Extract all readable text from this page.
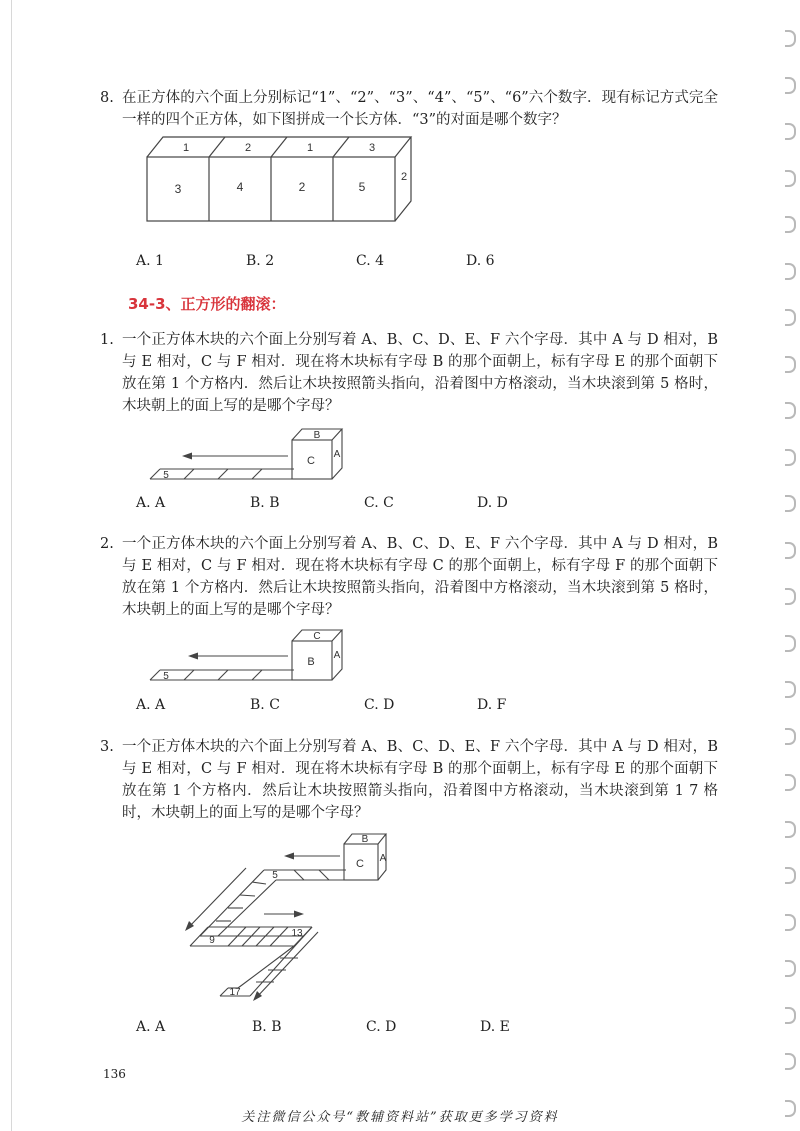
8. 在正方体的六个面上分别标记“1”、“2”、“3”、“4”、“5”、“6”六个数字．现有标记方式完全一样的四个正方体，如下图拼成一个长方体．“3”的对面是哪个数字？

1	2	1	3
3	4	2	5
2
A. 1	B. 2	C. 4	D. 6
34-3、正方形的翻滚：
1. 一个正方体木块的六个面上分别写着 A、B、C、D、E、F 六个字母．其中 A 与 D 相对，B 与 E 相对，C 与 F 相对．现在将木块标有字母 B 的那个面朝上，标有字母 E 的那个面朝下放在第 1 个方格内．然后让木块按照箭头指向，沿着图中方格滚动，当木块滚到第 5 格时，木块朝上的面上写的是哪个字母？

B
C
A
5
A. A	B. B	C. C	D. D
2. 一个正方体木块的六个面上分别写着 A、B、C、D、E、F 六个字母．其中 A 与 D 相对，B 与 E 相对，C 与 F 相对．现在将木块标有字母 C 的那个面朝上，标有字母 F 的那个面朝下放在第 1 个方格内．然后让木块按照箭头指向，沿着图中方格滚动，当木块滚到第 5 格时，木块朝上的面上写的是哪个字母？

C
B
A
5
A. A	B. C	C. D	D. F
3. 一个正方体木块的六个面上分别写着 A、B、C、D、E、F 六个字母．其中 A 与 D 相对，B 与 E 相对，C 与 F 相对．现在将木块标有字母 B 的那个面朝上，标有字母 E 的那个面朝下放在第 1 个方格内．然后让木块按照箭头指向，沿着图中方格滚动，当木块滚到第 1 7 格时，木块朝上的面上写的是哪个字母？

B
C A
5
9
13
17
A. A	B. B	C. D	D. E
136
关注微信公众号“教辅资料站”获取更多学习资料
